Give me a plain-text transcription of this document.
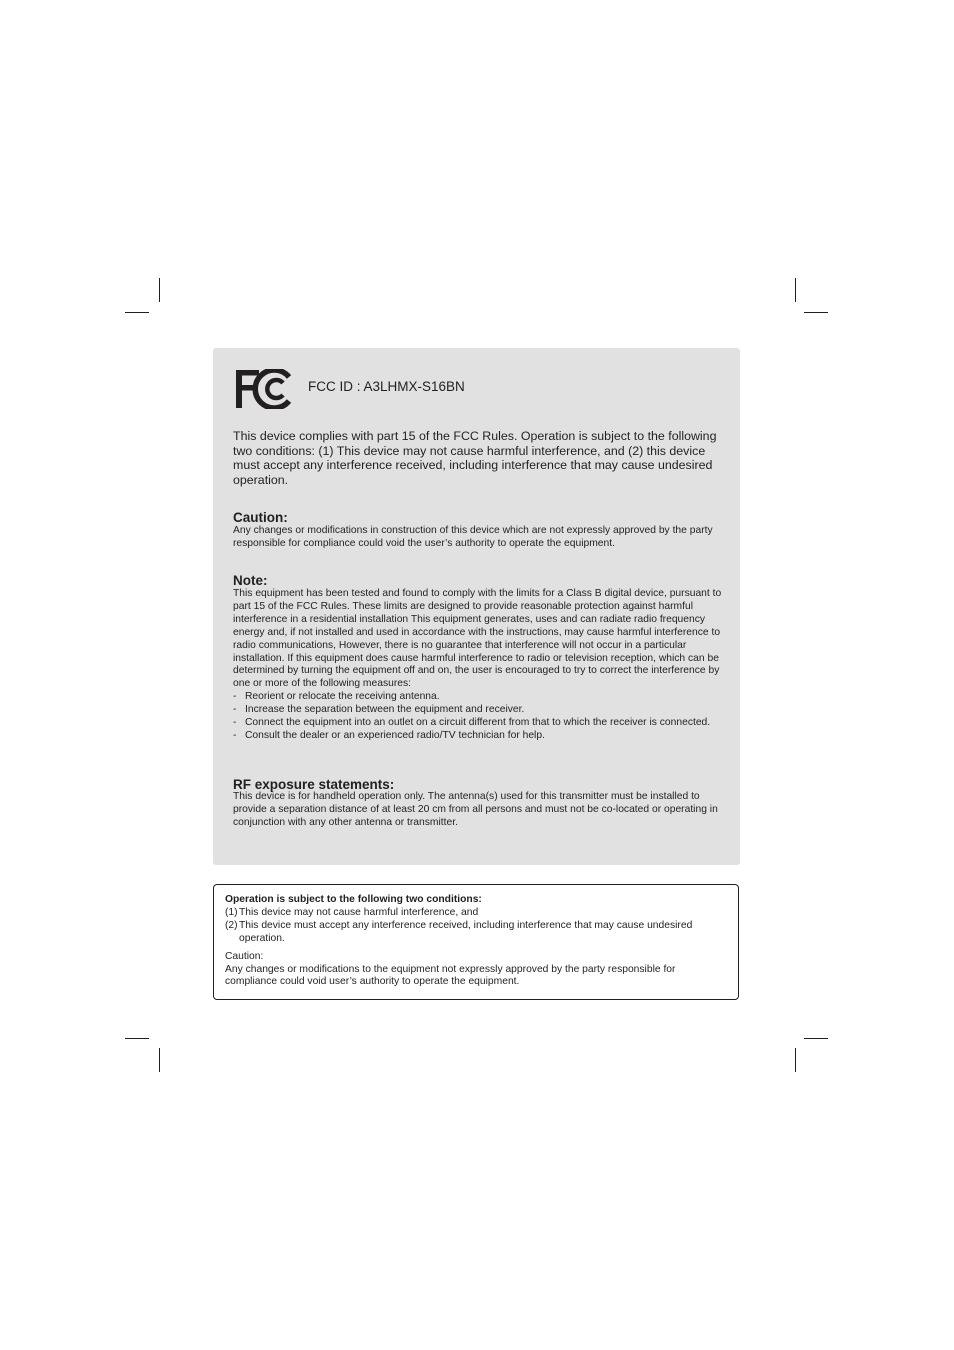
FCC ID : A3LHMX-S16BN

This device complies with part 15 of the FCC Rules. Operation is subject to the following two conditions: (1) This device may not cause harmful interference, and (2) this device must accept any interference received, including interference that may cause undesired operation.

Caution:

Any changes or modifications in construction of this device which are not expressly approved by the party responsible for compliance could void the user’s authority to operate the equipment.

Note:

This equipment has been tested and found to comply with the limits for a Class B digital device, pursuant to part 15 of the FCC Rules. These limits are designed to provide reasonable protection against harmful interference in a residential installation This equipment generates, uses and can radiate radio frequency energy and, if not installed and used in accordance with the instructions, may cause harmful interference to radio communications, However, there is no guarantee that interference will not occur in a particular installation. If this equipment does cause harmful interference to radio or television reception, which can be determined by turning the equipment off and on, the user is encouraged to try to correct the interference by one or more of the following measures:

- Reorient or relocate the receiving antenna.
- Increase the separation between the equipment and receiver.
- Connect the equipment into an outlet on a circuit different from that to which the receiver is connected.
- Consult the dealer or an experienced radio/TV technician for help.
RF exposure statements:

This device is for handheld operation only. The antenna(s) used for this transmitter must be installed to provide a separation distance of at least 20 cm from all persons and must not be co-located or operating in conjunction with any other antenna or transmitter.

Operation is subject to the following two conditions:
(1) This device may not cause harmful interference, and
(2) This device must accept any interference received, including interference that may cause undesired operation.
Caution:
Any changes or modifications to the equipment not expressly approved by the party responsible for compliance could void user’s authority to operate the equipment.
